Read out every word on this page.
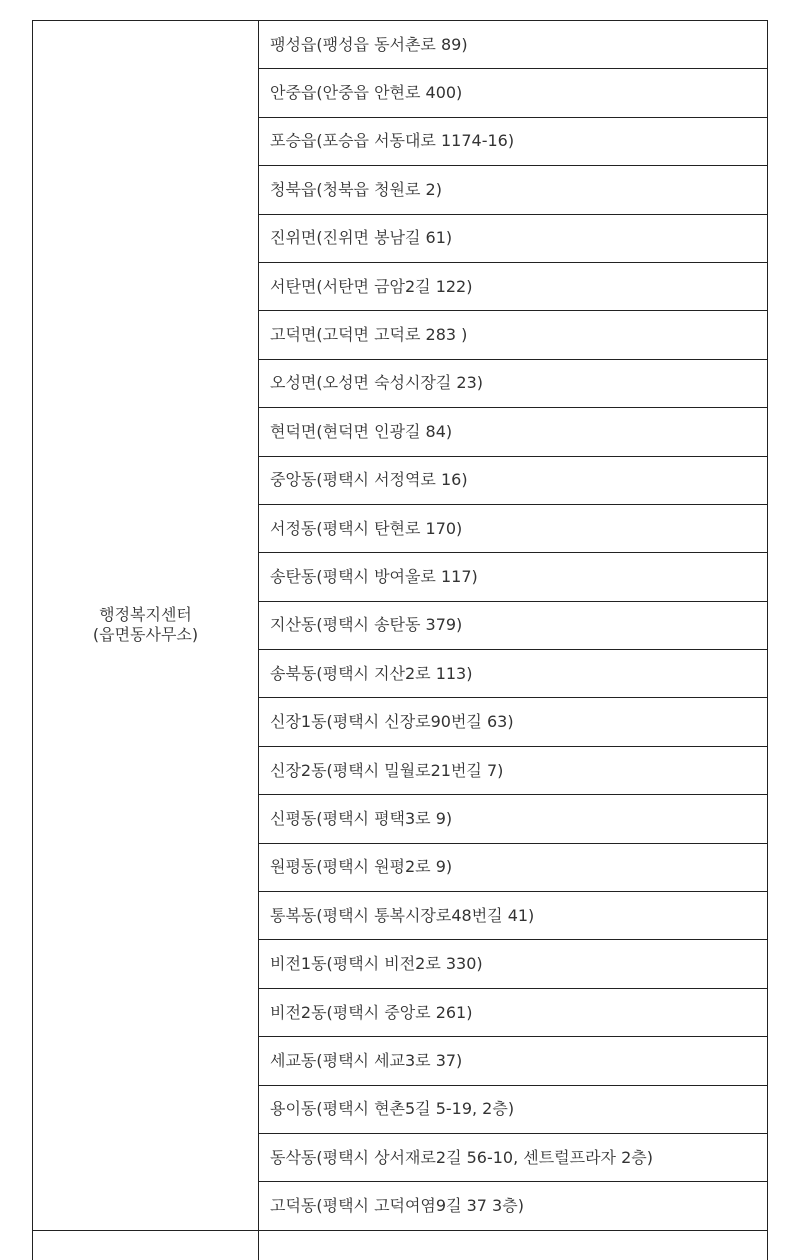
행정복지센터
(읍면동사무소)	팽성읍(팽성읍 동서촌로 89)
	안중읍(안중읍 안현로 400)
	포승읍(포승읍 서동대로 1174-16)
	청북읍(청북읍 청원로 2)
	진위면(진위면 봉남길 61)
	서탄면(서탄면 금암2길 122)
	고덕면(고덕면 고덕로 283 )
	오성면(오성면 숙성시장길 23)
	현덕면(현덕면 인광길 84)
	중앙동(평택시 서정역로 16)
	서정동(평택시 탄현로 170)
	송탄동(평택시 방여울로 117)
	지산동(평택시 송탄동 379)
	송북동(평택시 지산2로 113)
	신장1동(평택시 신장로90번길 63)
	신장2동(평택시 밀월로21번길 7)
	신평동(평택시 평택3로 9)
	원평동(평택시 원평2로 9)
	통복동(평택시 통복시장로48번길 41)
	비전1동(평택시 비전2로 330)
	비전2동(평택시 중앙로 261)
	세교동(평택시 세교3로 37)
	용이동(평택시 현촌5길 5-19, 2층)
	동삭동(평택시 상서재로2길 56-10, 센트럴프라자 2층)
	고덕동(평택시 고덕여염9길 37 3층)
